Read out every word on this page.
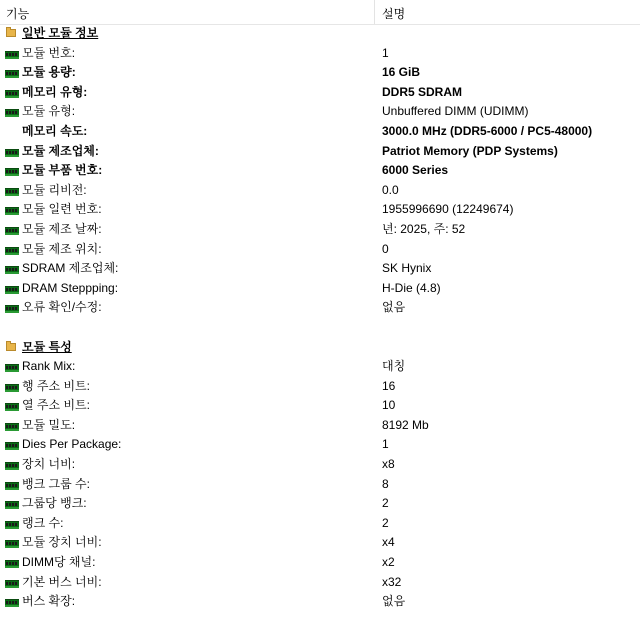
기능	설명
일반 모듈 정보
모듈 번호:	1
모듈 용량:	16 GiB
메모리 유형:	DDR5 SDRAM
모듈 유형:	Unbuffered DIMM (UDIMM)
메모리 속도:	3000.0 MHz (DDR5-6000 / PC5-48000)
모듈 제조업체:	Patriot Memory (PDP Systems)
모듈 부품 번호:	6000 Series
모듈 리비전:	0.0
모듈 일련 번호:	1955996690 (12249674)
모듈 제조 날짜:	년: 2025, 주: 52
모듈 제조 위치:	0
SDRAM 제조업체:	SK Hynix
DRAM Steppping:	H-Die (4.8)
오류 확인/수정:	없음
모듈 특성
Rank Mix:	대칭
행 주소 비트:	16
열 주소 비트:	10
모듈 밀도:	8192 Mb
Dies Per Package:	1
장치 너비:	x8
뱅크 그룹 수:	8
그룹당 뱅크:	2
랭크 수:	2
모듈 장치 너비:	x4
DIMM당 채널:	x2
기본 버스 너비:	x32
버스 확장:	없음
